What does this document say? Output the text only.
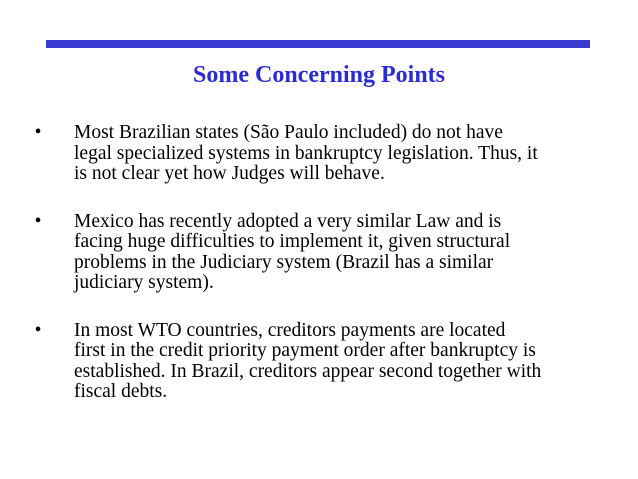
Some Concerning Points
• Most Brazilian states (São Paulo included) do not have
legal specialized systems in bankruptcy legislation. Thus, it
is not clear yet how Judges will behave.
• Mexico has recently adopted a very similar Law and is
facing huge difficulties to implement it, given structural
problems in the Judiciary system (Brazil has a similar
judiciary system).
• In most WTO countries, creditors payments are located
first in the credit priority payment order after bankruptcy is
established. In Brazil, creditors appear second together with
fiscal debts.
